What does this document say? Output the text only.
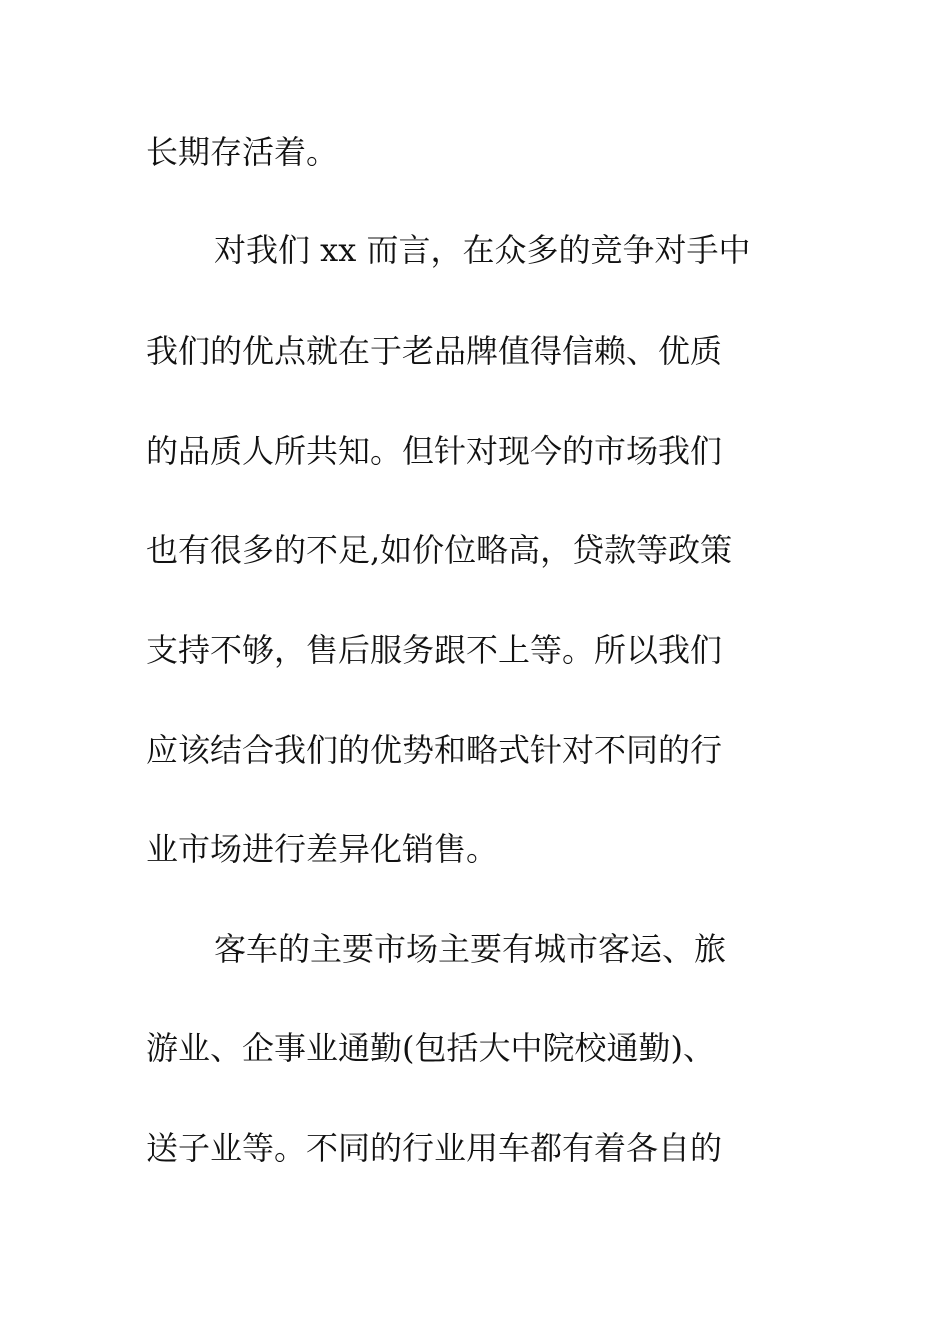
长期存活着。

对我们 xx 而言，在众多的竞争对手中

我们的优点就在于老品牌值得信赖、优质

的品质人所共知。但针对现今的市场我们

也有很多的不足,如价位略高，贷款等政策

支持不够，售后服务跟不上等。所以我们

应该结合我们的优势和略式针对不同的行

业市场进行差异化销售。

客车的主要市场主要有城市客运、旅

游业、企事业通勤(包括大中院校通勤)、

送子业等。不同的行业用车都有着各自的
